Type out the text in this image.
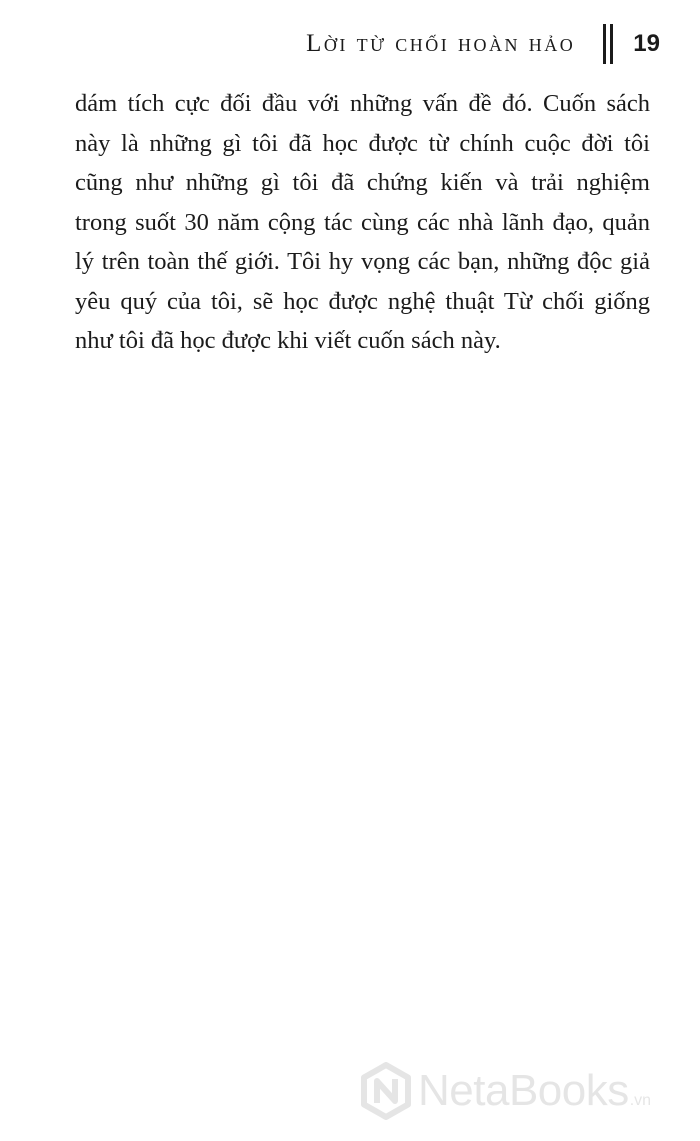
Lời từ chối hoàn hảo 19
dám tích cực đối đầu với những vấn đề đó. Cuốn sách
này là những gì tôi đã học được từ chính cuộc đời tôi
cũng như những gì tôi đã chứng kiến và trải nghiệm
trong suốt 30 năm cộng tác cùng các nhà lãnh đạo, quản
lý trên toàn thế giới. Tôi hy vọng các bạn, những độc giả
yêu quý của tôi, sẽ học được nghệ thuật Từ chối giống
như tôi đã học được khi viết cuốn sách này.
NetaBooks .vn
